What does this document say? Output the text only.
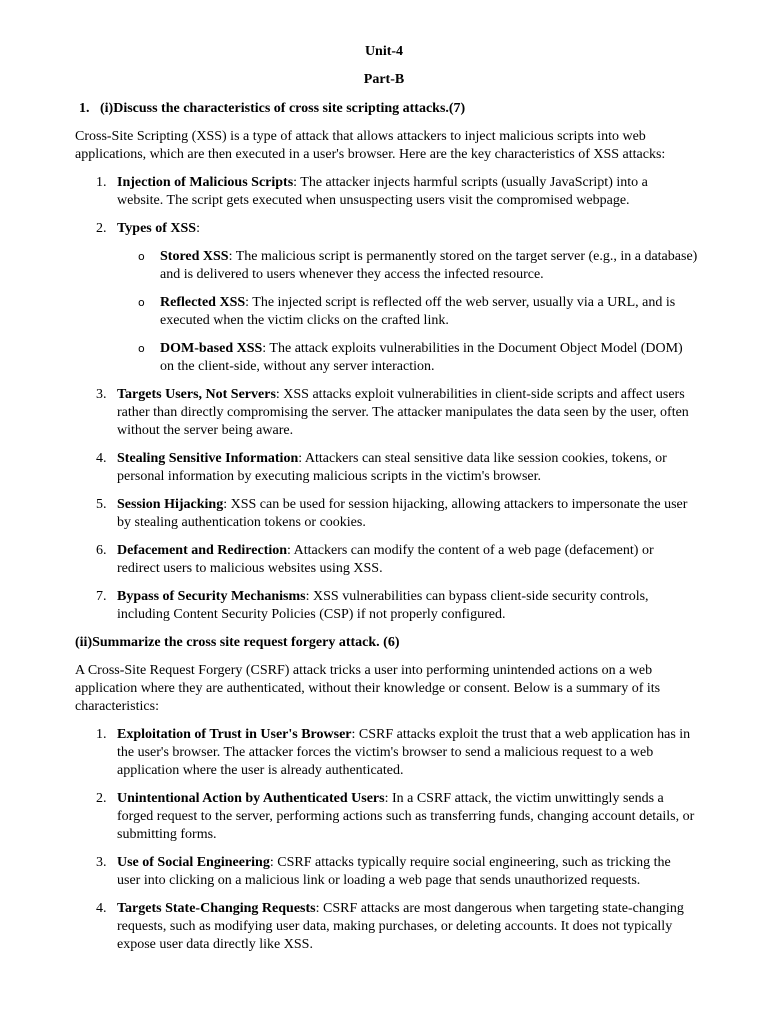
Unit-4
Part-B
1. (i)Discuss the characteristics of cross site scripting attacks.(7)
Cross-Site Scripting (XSS) is a type of attack that allows attackers to inject malicious scripts into web applications, which are then executed in a user's browser. Here are the key characteristics of XSS attacks:
1. Injection of Malicious Scripts: The attacker injects harmful scripts (usually JavaScript) into a website. The script gets executed when unsuspecting users visit the compromised webpage.
2. Types of XSS:
o Stored XSS: The malicious script is permanently stored on the target server (e.g., in a database) and is delivered to users whenever they access the infected resource.
o Reflected XSS: The injected script is reflected off the web server, usually via a URL, and is executed when the victim clicks on the crafted link.
o DOM-based XSS: The attack exploits vulnerabilities in the Document Object Model (DOM) on the client-side, without any server interaction.
3. Targets Users, Not Servers: XSS attacks exploit vulnerabilities in client-side scripts and affect users rather than directly compromising the server. The attacker manipulates the data seen by the user, often without the server being aware.
4. Stealing Sensitive Information: Attackers can steal sensitive data like session cookies, tokens, or personal information by executing malicious scripts in the victim's browser.
5. Session Hijacking: XSS can be used for session hijacking, allowing attackers to impersonate the user by stealing authentication tokens or cookies.
6. Defacement and Redirection: Attackers can modify the content of a web page (defacement) or redirect users to malicious websites using XSS.
7. Bypass of Security Mechanisms: XSS vulnerabilities can bypass client-side security controls, including Content Security Policies (CSP) if not properly configured.
(ii)Summarize the cross site request forgery attack. (6)
A Cross-Site Request Forgery (CSRF) attack tricks a user into performing unintended actions on a web application where they are authenticated, without their knowledge or consent. Below is a summary of its characteristics:
1. Exploitation of Trust in User's Browser: CSRF attacks exploit the trust that a web application has in the user's browser. The attacker forces the victim's browser to send a malicious request to a web application where the user is already authenticated.
2. Unintentional Action by Authenticated Users: In a CSRF attack, the victim unwittingly sends a forged request to the server, performing actions such as transferring funds, changing account details, or submitting forms.
3. Use of Social Engineering: CSRF attacks typically require social engineering, such as tricking the user into clicking on a malicious link or loading a web page that sends unauthorized requests.
4. Targets State-Changing Requests: CSRF attacks are most dangerous when targeting state-changing requests, such as modifying user data, making purchases, or deleting accounts. It does not typically expose user data directly like XSS.
